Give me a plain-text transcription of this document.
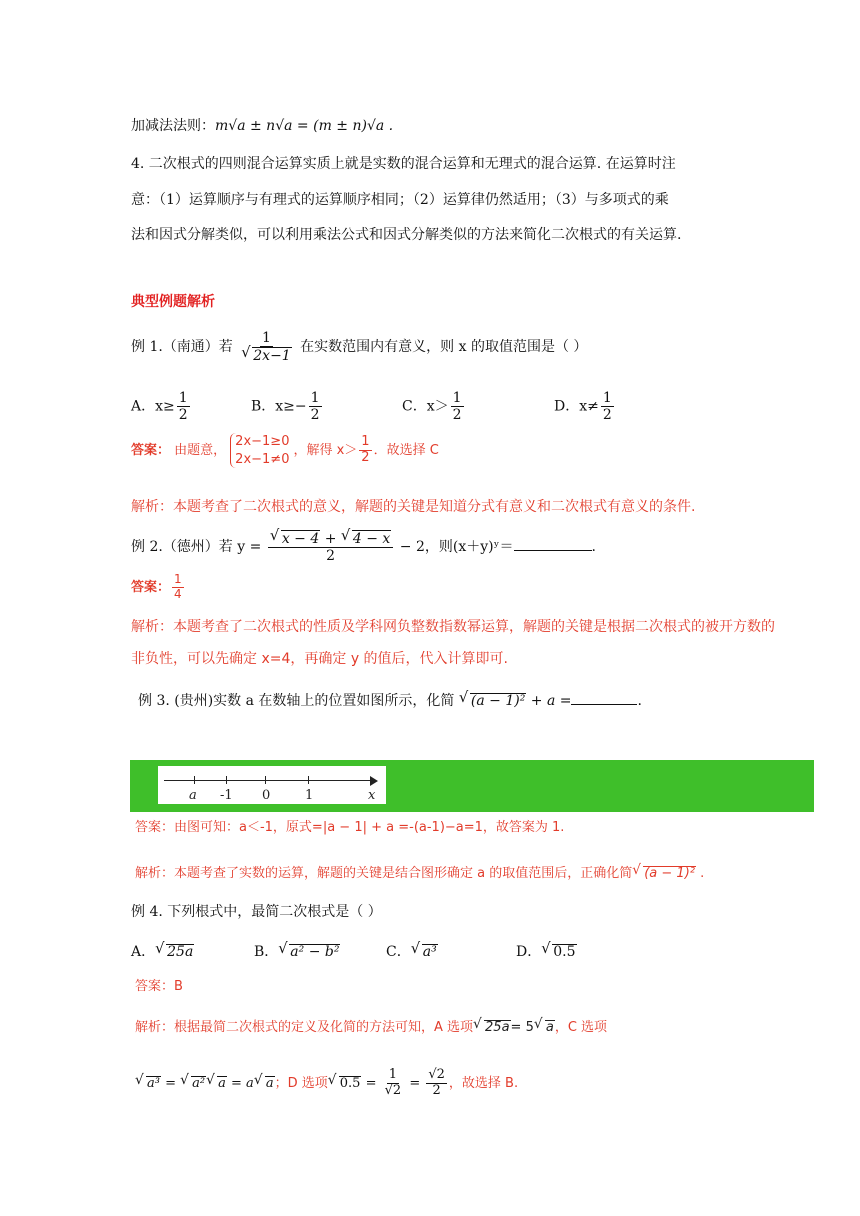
加减法法则：m√a ± n√a = (m ± n)√a .
4. 二次根式的四则混合运算实质上就是实数的混合运算和无理式的混合运算. 在运算时注
意：（1）运算顺序与有理式的运算顺序相同；（2）运算律仍然适用；（3）与多项式的乘
法和因式分解类似，可以利用乘法公式和因式分解类似的方法来简化二次根式的有关运算.
典型例题解析
例 1.（南通）若 1
√ 2x−1 在实数范围内有意义，则 x 的取值范围是（ ）
A．$x\ge \frac{1}{2}$	B．$x\ge- \frac{1}{2}$	C．$x> \frac{1}{2}$	D．$x\ne \frac{1}{2}$
答案： 由题意，
2x−1≥0
2x−1≠0
，解得 $x> \frac{1}{2}$ ．故选择 C
解析：本题考查了二次根式的意义，解题的关键是知道分式有意义和二次根式有意义的条件.
例 2.（德州）若 y = √ $\frac{x - 4 + √ 4 - x}{2} - 2$，则(x＋y)ʸ＝	.
答案： $\frac{1}{4}$
解析：本题考查了二次根式的性质及学科网负整数指数幂运算，解题的关键是根据二次根式的被开方数的
非负性，可以先确定 x=4，再确定 y 的值后，代入计算即可.
例 3. (贵州)实数 a 在数轴上的位置如图所示，化简 √ (a − 1)² + a =	.
a -1 0	1	x
答案：由图可知：a＜-1，原式=|a − 1| + a =-(a-1)−a=1，故答案为 1.
解析：本题考查了实数的运算，解题的关键是结合图形确定 a 的取值范围后，正确化简 √ (a − 1)² .
例 4. 下列根式中，最简二次根式是（ ）
A． √ 25a	B． √ a² − b²	C． √ a³	D． √ 0.5
答案：B
解析：根据最简二次根式的定义及化简的方法可知，A 选项 √ 25a= 5 √ a，C 选项
√ a³ = √ a² √ a = a √ a；D 选项 √ $0.5 = \frac{1}{√2} = \frac{√2}{2}$ ，故选择 B.
